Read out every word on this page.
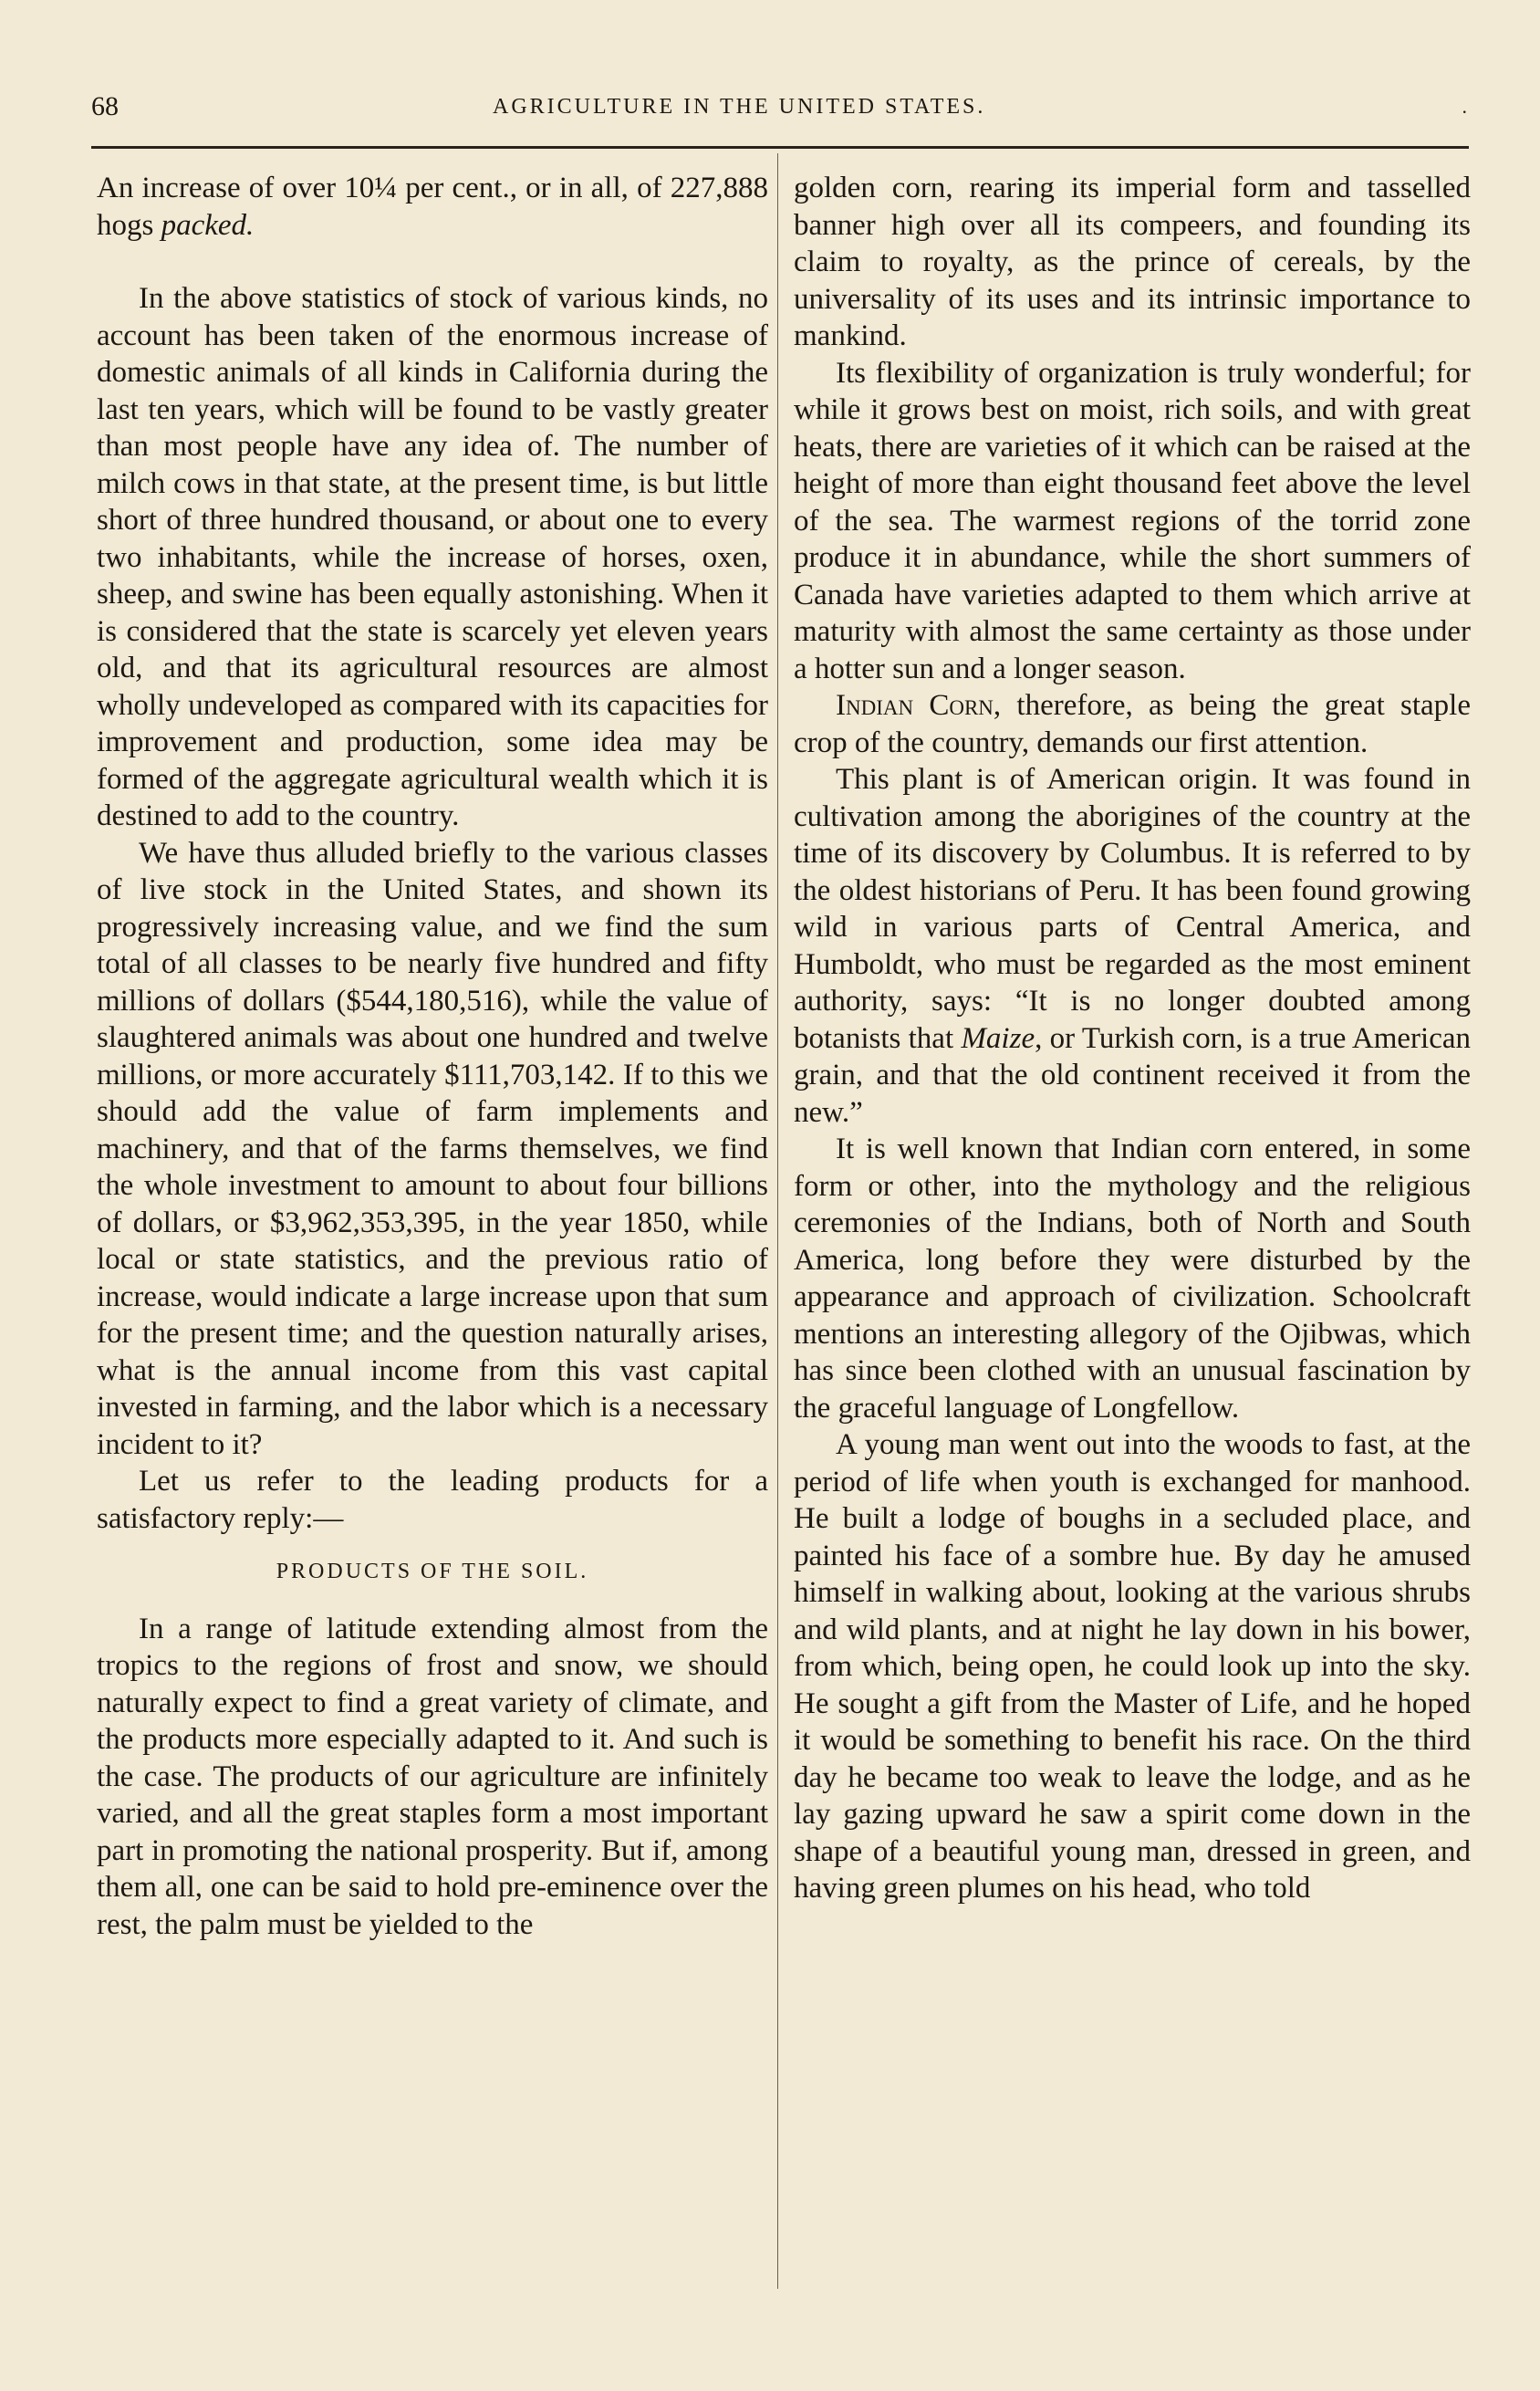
68	AGRICULTURE IN THE UNITED STATES.	.

An increase of over 10¼ per cent., or in all, of 227,888 hogs packed.

In the above statistics of stock of various kinds, no account has been taken of the enormous increase of domestic animals of all kinds in California during the last ten years, which will be found to be vastly greater than most people have any idea of. The number of milch cows in that state, at the present time, is but little short of three hundred thousand, or about one to every two inhabitants, while the increase of horses, oxen, sheep, and swine has been equally astonishing. When it is considered that the state is scarcely yet eleven years old, and that its agricultural resources are almost wholly undeveloped as compared with its capacities for improvement and production, some idea may be formed of the aggregate agricultural wealth which it is destined to add to the country.

We have thus alluded briefly to the various classes of live stock in the United States, and shown its progressively increasing value, and we find the sum total of all classes to be nearly five hundred and fifty millions of dollars ($544,180,516), while the value of slaughtered animals was about one hundred and twelve millions, or more accurately $111,703,142. If to this we should add the value of farm implements and machinery, and that of the farms themselves, we find the whole investment to amount to about four billions of dollars, or $3,962,353,395, in the year 1850, while local or state statistics, and the previous ratio of increase, would indicate a large increase upon that sum for the present time; and the question naturally arises, what is the annual income from this vast capital invested in farming, and the labor which is a necessary incident to it?

Let us refer to the leading products for a satisfactory reply:—

PRODUCTS OF THE SOIL.

In a range of latitude extending almost from the tropics to the regions of frost and snow, we should naturally expect to find a great variety of climate, and the products more especially adapted to it. And such is the case. The products of our agriculture are infinitely varied, and all the great staples form a most important part in promoting the national prosperity. But if, among them all, one can be said to hold pre-eminence over the rest, the palm must be yielded to the

golden corn, rearing its imperial form and tasselled banner high over all its compeers, and founding its claim to royalty, as the prince of cereals, by the universality of its uses and its intrinsic importance to mankind.

Its flexibility of organization is truly wonderful; for while it grows best on moist, rich soils, and with great heats, there are varieties of it which can be raised at the height of more than eight thousand feet above the level of the sea. The warmest regions of the torrid zone produce it in abundance, while the short summers of Canada have varieties adapted to them which arrive at maturity with almost the same certainty as those under a hotter sun and a longer season.

Indian Corn, therefore, as being the great staple crop of the country, demands our first attention.

This plant is of American origin. It was found in cultivation among the aborigines of the country at the time of its discovery by Columbus. It is referred to by the oldest historians of Peru. It has been found growing wild in various parts of Central America, and Humboldt, who must be regarded as the most eminent authority, says: “It is no longer doubted among botanists that Maize, or Turkish corn, is a true American grain, and that the old continent received it from the new.”

It is well known that Indian corn entered, in some form or other, into the mythology and the religious ceremonies of the Indians, both of North and South America, long before they were disturbed by the appearance and approach of civilization. Schoolcraft mentions an interesting allegory of the Ojibwas, which has since been clothed with an unusual fascination by the graceful language of Longfellow.

A young man went out into the woods to fast, at the period of life when youth is exchanged for manhood. He built a lodge of boughs in a secluded place, and painted his face of a sombre hue. By day he amused himself in walking about, looking at the various shrubs and wild plants, and at night he lay down in his bower, from which, being open, he could look up into the sky. He sought a gift from the Master of Life, and he hoped it would be something to benefit his race. On the third day he became too weak to leave the lodge, and as he lay gazing upward he saw a spirit come down in the shape of a beautiful young man, dressed in green, and having green plumes on his head, who told
